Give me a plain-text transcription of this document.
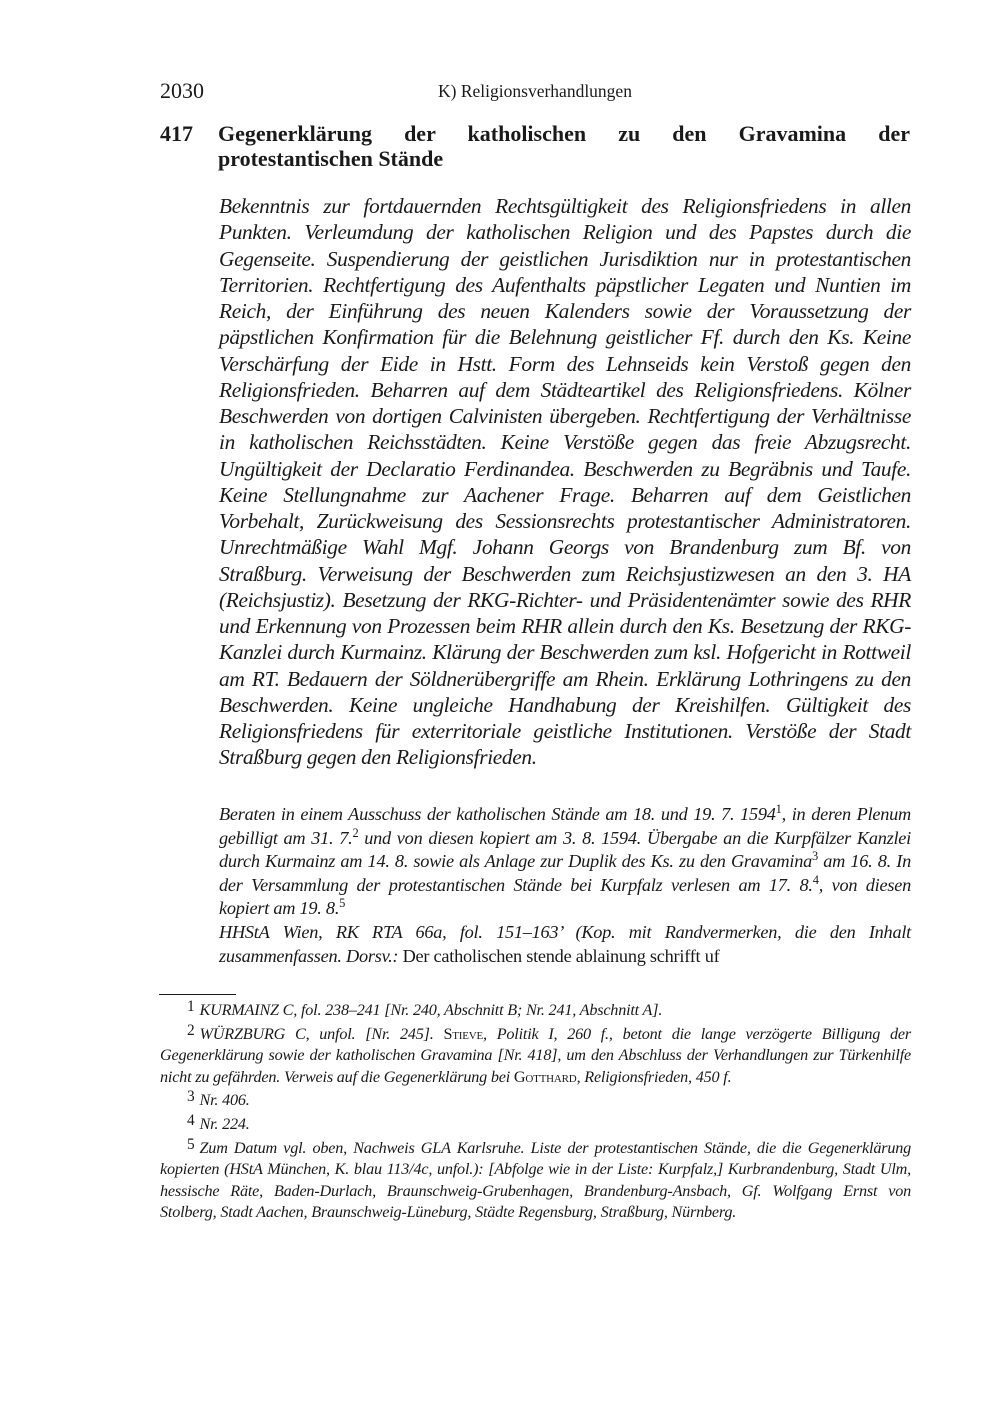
2030	K) Religionsverhandlungen
417 Gegenerklärung der katholischen zu den Gravamina der protestantischen Stände
Bekenntnis zur fortdauernden Rechtsgültigkeit des Religionsfriedens in allen Punkten. Verleumdung der katholischen Religion und des Papstes durch die Gegenseite. Suspendierung der geistlichen Jurisdiktion nur in protestantischen Territorien. Rechtfertigung des Aufenthalts päpstlicher Legaten und Nuntien im Reich, der Einführung des neuen Kalenders sowie der Voraussetzung der päpstlichen Konfirmation für die Belehnung geistlicher Ff. durch den Ks. Keine Verschärfung der Eide in Hstt. Form des Lehnseids kein Verstoß gegen den Religionsfrieden. Beharren auf dem Städteartikel des Religionsfriedens. Kölner Beschwerden von dortigen Calvinisten übergeben. Rechtfertigung der Verhältnisse in katholischen Reichsstädten. Keine Verstöße gegen das freie Abzugsrecht. Ungültigkeit der Declaratio Ferdinandea. Beschwerden zu Begräbnis und Taufe. Keine Stellungnahme zur Aachener Frage. Beharren auf dem Geistlichen Vorbehalt, Zurückweisung des Sessionsrechts protestantischer Administratoren. Unrechtmäßige Wahl Mgf. Johann Georgs von Brandenburg zum Bf. von Straßburg. Verweisung der Beschwerden zum Reichsjustizwesen an den 3. HA (Reichsjustiz). Besetzung der RKG-Richter- und Präsidentenämter sowie des RHR und Erkennung von Prozessen beim RHR allein durch den Ks. Besetzung der RKG-Kanzlei durch Kurmainz. Klärung der Beschwerden zum ksl. Hofgericht in Rottweil am RT. Bedauern der Söldnerübergriffe am Rhein. Erklärung Lothringens zu den Beschwerden. Keine ungleiche Handhabung der Kreishilfen. Gültigkeit des Religionsfriedens für exterritoriale geistliche Institutionen. Verstöße der Stadt Straßburg gegen den Religionsfrieden.

Beraten in einem Ausschuss der katholischen Stände am 18. und 19. 7. 1594$^1$, in deren Plenum gebilligt am 31. 7.$^2$ und von diesen kopiert am 3. 8. 1594. Übergabe an die Kurpfälzer Kanzlei durch Kurmainz am 14. 8. sowie als Anlage zur Duplik des Ks. zu den Gravamina$^3$ am 16. 8. In der Versammlung der protestantischen Stände bei Kurpfalz verlesen am 17. 8.$^4$, von diesen kopiert am 19. 8.$^5$

HHStA Wien, RK RTA 66a, fol. 151–163’ (Kop. mit Randvermerken, die den Inhalt zusammenfassen. Dorsv.: Der catholischen stende ablainung schrifft uf

1 KURMAINZ C, fol. 238–241 [Nr. 240, Abschnitt B; Nr. 241, Abschnitt A].

2 WÜRZBURG C, unfol. [Nr. 245]. Stieve, Politik I, 260 f., betont die lange verzögerte Billigung der Gegenerklärung sowie der katholischen Gravamina [Nr. 418], um den Abschluss der Verhandlungen zur Türkenhilfe nicht zu gefährden. Verweis auf die Gegenerklärung bei Gotthard, Religionsfrieden, 450 f.

3 Nr. 406.

4 Nr. 224.

5 Zum Datum vgl. oben, Nachweis GLA Karlsruhe. Liste der protestantischen Stände, die die Gegenerklärung kopierten (HStA München, K. blau 113/4c, unfol.): [Abfolge wie in der Liste: Kurpfalz,] Kurbrandenburg, Stadt Ulm, hessische Räte, Baden-Durlach, Braunschweig-Grubenhagen, Brandenburg-Ansbach, Gf. Wolfgang Ernst von Stolberg, Stadt Aachen, Braunschweig-Lüneburg, Städte Regensburg, Straßburg, Nürnberg.
